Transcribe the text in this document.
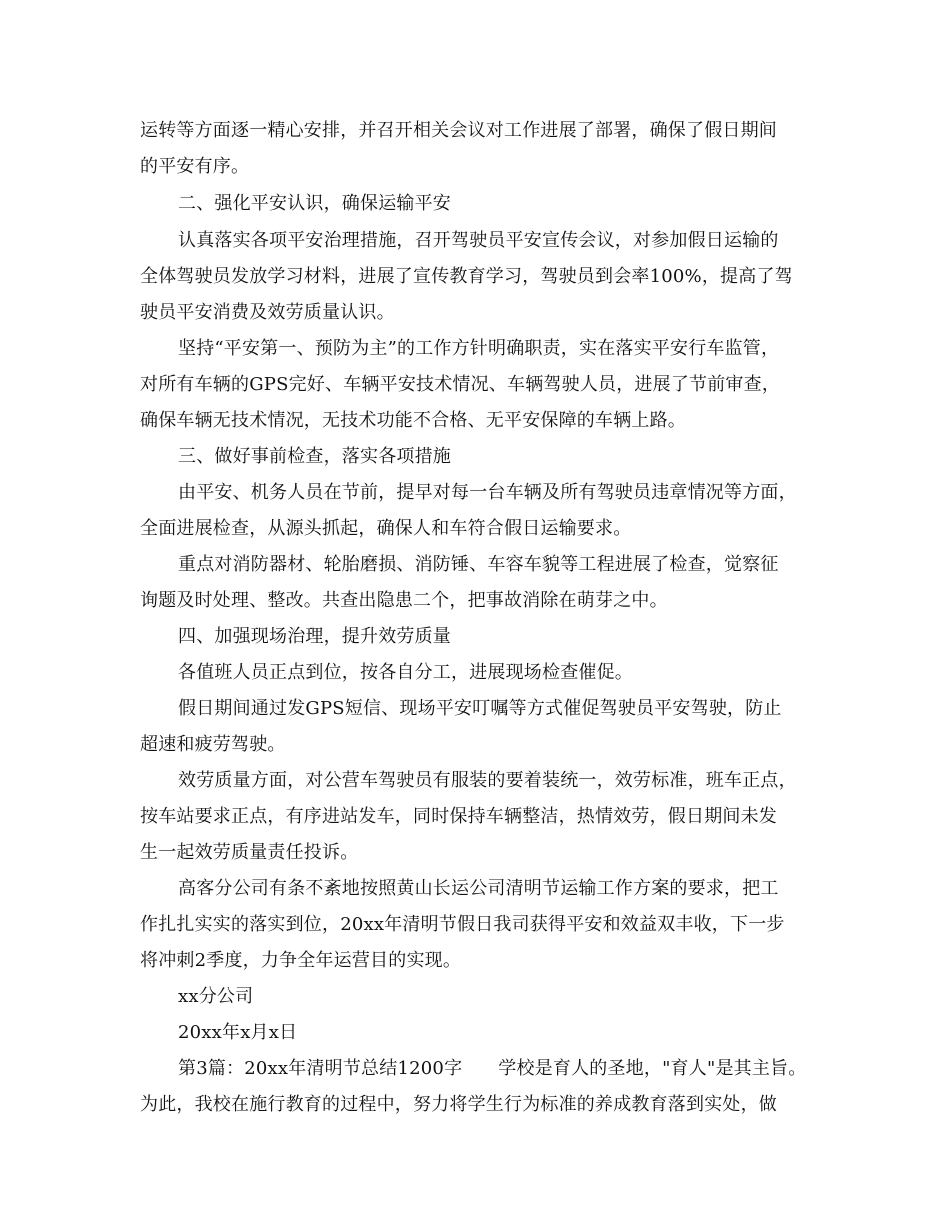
运转等方面逐一精心安排，并召开相关会议对工作进展了部署，确保了假日期间
的平安有序。
二、强化平安认识，确保运输平安
认真落实各项平安治理措施，召开驾驶员平安宣传会议，对参加假日运输的
全体驾驶员发放学习材料，进展了宣传教育学习，驾驶员到会率100%，提高了驾
驶员平安消费及效劳质量认识。
坚持“平安第一、预防为主”的工作方针明确职责，实在落实平安行车监管，
对所有车辆的GPS完好、车辆平安技术情况、车辆驾驶人员，进展了节前审查，
确保车辆无技术情况，无技术功能不合格、无平安保障的车辆上路。
三、做好事前检查，落实各项措施
由平安、机务人员在节前，提早对每一台车辆及所有驾驶员违章情况等方面，
全面进展检查，从源头抓起，确保人和车符合假日运输要求。
重点对消防器材、轮胎磨损、消防锤、车容车貌等工程进展了检查，觉察征
询题及时处理、整改。共查出隐患二个，把事故消除在萌芽之中。
四、加强现场治理，提升效劳质量
各值班人员正点到位，按各自分工，进展现场检查催促。
假日期间通过发GPS短信、现场平安叮嘱等方式催促驾驶员平安驾驶，防止
超速和疲劳驾驶。
效劳质量方面，对公营车驾驶员有服装的要着装统一，效劳标准，班车正点，
按车站要求正点，有序进站发车，同时保持车辆整洁，热情效劳，假日期间未发
生一起效劳质量责任投诉。
高客分公司有条不紊地按照黄山长运公司清明节运输工作方案的要求，把工
作扎扎实实的落实到位，20xx年清明节假日我司获得平安和效益双丰收，下一步
将冲刺2季度，力争全年运营目的实现。
xx分公司
20xx年x月x日
第3篇：20xx年清明节总结1200字 学校是育人的圣地，"育人"是其主旨。
为此，我校在施行教育的过程中，努力将学生行为标准的养成教育落到实处，做
